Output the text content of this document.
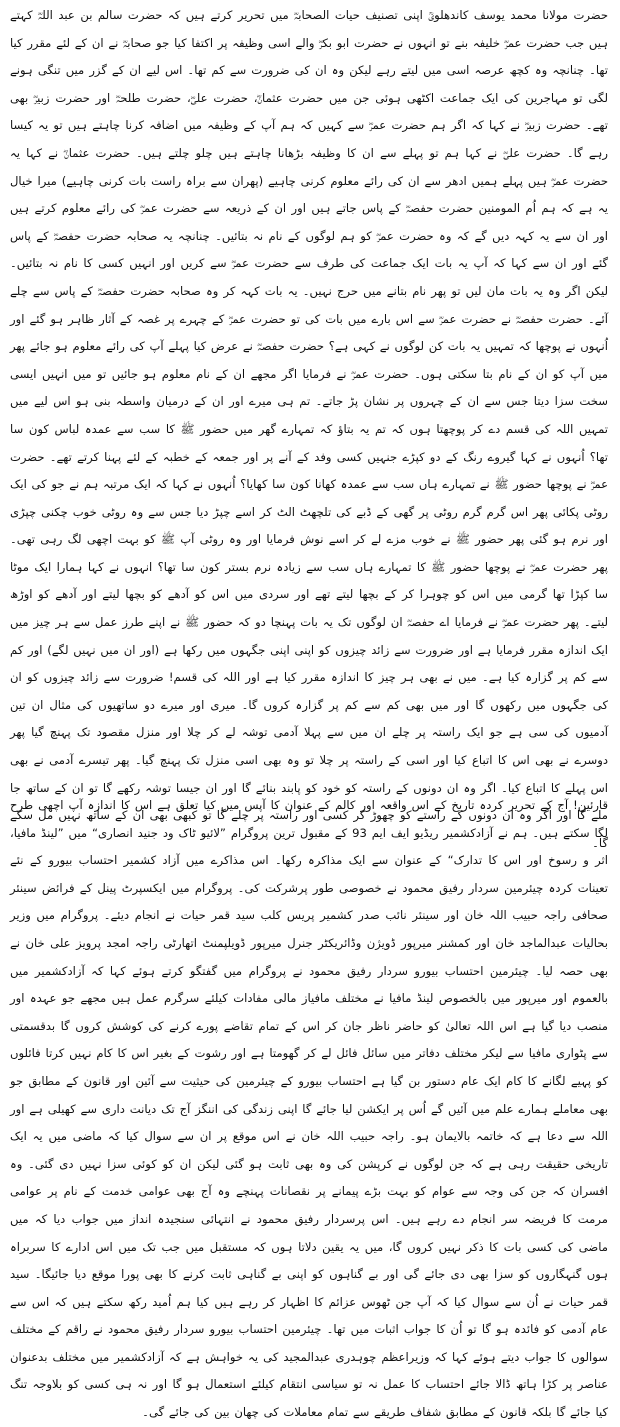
حضرت مولانا محمد یوسف کاندھلویؒ اپنی تصنیف حیات الصحابہؓ میں تحریر کرتے ہیں کہ حضرت سالم بن عبد اللہؓ کہتے ہیں جب حضرت عمرؓ خلیفہ بنے تو انہوں نے حضرت ابو بکرؓ والے اسی وظیفہ پر اکتفا کیا جو صحابہؓ نے ان کے لئے مقرر کیا تھا۔ چنانچہ وہ کچھ عرصہ اسی میں لیتے رہے لیکن وہ ان کی ضرورت سے کم تھا۔ اس لیے ان کے گزر میں تنگی ہونے لگی تو مہاجرین کی ایک جماعت اکٹھی ہوئی جن میں حضرت عثمانؓ، حضرت علیؓ، حضرت طلحہؓ اور حضرت زبیرؓ بھی تھے۔ حضرت زبیرؓ نے کہا کہ اگر ہم حضرت عمرؓ سے کہیں کہ ہم آپ کے وظیفہ میں اضافہ کرنا چاہتے ہیں تو یہ کیسا رہے گا۔ حضرت علیؓ نے کہا ہم تو پہلے سے ان کا وظیفہ بڑھانا چاہتے ہیں چلو چلتے ہیں۔ حضرت عثمانؓ نے کہا یہ حضرت عمرؓ ہیں پہلے ہمیں ادھر سے ان کی رائے معلوم کرنی چاہیے (پھران سے براہ راست بات کرنی چاہیے) میرا خیال یہ ہے کہ ہم اُم المومنین حضرت حفصہؓ کے پاس جاتے ہیں اور ان کے ذریعہ سے حضرت عمرؓ کی رائے معلوم کرتے ہیں اور ان سے یہ کہہ دیں گے کہ وہ حضرت عمرؓ کو ہم لوگوں کے نام نہ بتائیں۔ چنانچہ یہ صحابہ حضرت حفصہؓ کے پاس گئے اور ان سے کہا کہ آپ یہ بات ایک جماعت کی طرف سے حضرت عمرؓ سے کریں اور انہیں کسی کا نام نہ بتائیں۔ لیکن اگر وہ یہ بات مان لیں تو پھر نام بتانے میں حرج نہیں۔ یہ بات کہہ کر وہ صحابہ حضرت حفصہؓ کے پاس سے چلے آئے۔ حضرت حفصہؓ نے حضرت عمرؓ سے اس بارے میں بات کی تو حضرت عمرؓ کے چہرے پر غصہ کے آثار ظاہر ہو گئے اور اُنہوں نے پوچھا کہ تمہیں یہ بات کن لوگوں نے کہی ہے؟ حضرت حفصہؓ نے عرض کیا پہلے آپ کی رائے معلوم ہو جائے پھر میں آپ کو ان کے نام بتا سکتی ہوں۔ حضرت عمرؓ نے فرمایا اگر مجھے ان کے نام معلوم ہو جائیں تو میں انہیں ایسی سخت سزا دیتا جس سے ان کے چہروں پر نشان پڑ جاتے۔ تم ہی میرے اور ان کے درمیان واسطہ بنی ہو اس لیے میں تمہیں اللہ کی قسم دے کر پوچھتا ہوں کہ تم یہ بتاؤ کہ تمہارے گھر میں حضور ﷺ کا سب سے عمدہ لباس کون سا تھا؟ اُنہوں نے کہا گیروے رنگ کے دو کپڑے جنہیں کسی وفد کے آنے پر اور جمعہ کے خطبہ کے لئے پہنا کرتے تھے۔ حضرت عمرؓ نے پوچھا حضور ﷺ نے تمہارے ہاں سب سے عمدہ کھانا کون سا کھایا؟ اُنہوں نے کہا کہ ایک مرتبہ ہم نے جو کی ایک روٹی پکائی پھر اس گرم گرم روٹی پر گھی کے ڈبے کی تلچھٹ الٹ کر اسے چپڑ دیا جس سے وہ روٹی خوب چکنی چپڑی اور نرم ہو گئی پھر حضور ﷺ نے خوب مزے لے کر اسے نوش فرمایا اور وہ روٹی آپ ﷺ کو بہت اچھی لگ رہی تھی۔ پھر حضرت عمرؓ نے پوچھا حضور ﷺ کا تمہارے ہاں سب سے زیادہ نرم بستر کون سا تھا؟ انہوں نے کہا ہمارا ایک موٹا سا کپڑا تھا گرمی میں اس کو چوہرا کر کے بچھا لیتے تھے اور سردی میں اس کو آدھے کو بچھا لیتے اور آدھے کو اوڑھ لیتے۔ پھر حضرت عمرؓ نے فرمایا اے حفصہؓ ان لوگوں تک یہ بات پہنچا دو کہ حضور ﷺ نے اپنے طرز عمل سے ہر چیز میں ایک اندازہ مقرر فرمایا ہے اور ضرورت سے زائد چیزوں کو اپنی اپنی جگہوں میں رکھا ہے (اور ان میں نہیں لگے) اور کم سے کم پر گزارہ کیا ہے۔ میں نے بھی ہر چیز کا اندازہ مقرر کیا ہے اور اللہ کی قسم! ضرورت سے زائد چیزوں کو ان کی جگہوں میں رکھوں گا اور میں بھی کم سے کم پر گزارہ کروں گا۔ میری اور میرے دو ساتھیوں کی مثال ان تین آدمیوں کی سی ہے جو ایک راستہ پر چلے ان میں سے پہلا آدمی توشہ لے کر چلا اور منزل مقصود تک پہنچ گیا پھر دوسرے نے بھی اس کا اتباع کیا اور اسی کے راستہ پر چلا تو وہ بھی اسی منزل تک پہنچ گیا۔ پھر تیسرے آدمی نے بھی اس پہلے کا اتباع کیا۔ اگر وہ ان دونوں کے راستہ کو خود کو پابند بنائے گا اور ان جیسا توشہ رکھے گا تو ان کے ساتھ جا ملے گا اور اگر وہ ان دونوں کے راستے کو چھوڑ کر کسی اور راستہ پر چلے گا تو کبھی بھی ان کے ساتھ نہیں مل سکے گا۔

قارئین! آج کے تحریر کردہ تاریخ کے اس واقعہ اور کالم کے عنوان کا آپس میں کیا تعلق ہے اس کا اندازہ آپ اچھی طرح لگا سکتے ہیں۔ ہم نے آزادکشمیر ریڈیو ایف ایم 93 کے مقبول ترین پروگرام ”لائیو ٹاک ود جنید انصاری“ میں ”لینڈ مافیا، اثر و رسوخ اور اس کا تدارک“ کے عنوان سے ایک مذاکرہ رکھا۔ اس مذاکرے میں آزاد کشمیر احتساب بیورو کے نئے تعینات کردہ چیئرمین سردار رفیق محمود نے خصوصی طور پرشرکت کی۔ پروگرام میں ایکسپرٹ پینل کے فرائض سینئر صحافی راجہ حبیب اللہ خان اور سینئر نائب صدر کشمیر پریس کلب سید قمر حیات نے انجام دیئے۔ پروگرام میں وزیر بحالیات عبدالماجد خان اور کمشنر میرپور ڈویژن وڈائریکٹر جنرل میرپور ڈویلپمنٹ اتھارٹی راجہ امجد پرویز علی خان نے بھی حصہ لیا۔ چیئرمین احتساب بیورو سردار رفیق محمود نے پروگرام میں گفتگو کرتے ہوئے کہا کہ آزادکشمیر میں بالعموم اور میرپور میں بالخصوص لینڈ مافیا نے مختلف مافیاز مالی مفادات کیلئے سرگرم عمل ہیں مجھے جو عہدہ اور منصب دیا گیا ہے اس اللہ تعالیٰ کو حاضر ناظر جان کر اس کے تمام تقاضے پورے کرنے کی کوشش کروں گا بدقسمتی سے پٹواری مافیا سے لیکر مختلف دفاتر میں سائل فائل لے کر گھومتا ہے اور رشوت کے بغیر اس کا کام نہیں کرتا فائلوں کو پہیے لگانے کا کام ایک عام دستور بن گیا ہے احتساب بیورو کے چیئرمین کی حیثیت سے آئین اور قانون کے مطابق جو بھی معاملے ہمارے علم میں آئیں گے اُس پر ایکشن لیا جائے گا اپنی زندگی کی اننگز آج تک دیانت داری سے کھیلی ہے اور اللہ سے دعا ہے کہ خاتمہ بالایمان ہو۔ راجہ حبیب اللہ خان نے اس موقع پر ان سے سوال کیا کہ ماضی میں یہ ایک تاریخی حقیقت رہی ہے کہ جن لوگوں نے کرپشن کی وہ بھی ثابت ہو گئی لیکن ان کو کوئی سزا نہیں دی گئی۔ وہ افسران کہ جن کی وجہ سے عوام کو بہت بڑے پیمانے پر نقصانات پہنچے وہ آج بھی عوامی خدمت کے نام پر عوامی مرمت کا فریضہ سر انجام دے رہے ہیں۔ اس پرسردار رفیق محمود نے انتہائی سنجیدہ انداز میں جواب دیا کہ میں ماضی کی کسی بات کا ذکر نہیں کروں گا، میں یہ یقین دلاتا ہوں کہ مستقبل میں جب تک میں اس ادارے کا سربراہ ہوں گنہگاروں کو سزا بھی دی جائے گی اور بے گناہوں کو اپنی بے گناہی ثابت کرنے کا بھی پورا موقع دیا جائیگا۔ سید قمر حیات نے اُن سے سوال کیا کہ آپ جن ٹھوس عزائم کا اظہار کر رہے ہیں کیا ہم اُمید رکھ سکتے ہیں کہ اس سے عام آدمی کو فائدہ ہو گا تو اُن کا جواب اثبات میں تھا۔ چیئرمین احتساب بیورو سردار رفیق محمود نے راقم کے مختلف سوالوں کا جواب دیتے ہوئے کہا کہ وزیراعظم چوہدری عبدالمجید کی یہ خواہش ہے کہ آزادکشمیر میں مختلف بدعنوان عناصر پر کڑا ہاتھ ڈالا جائے احتساب کا عمل نہ تو سیاسی انتقام کیلئے استعمال ہو گا اور نہ ہی کسی کو بلاوجہ تنگ کیا جائے گا بلکہ قانون کے مطابق شفاف طریقے سے تمام معاملات کی چھان بین کی جائے گی۔
